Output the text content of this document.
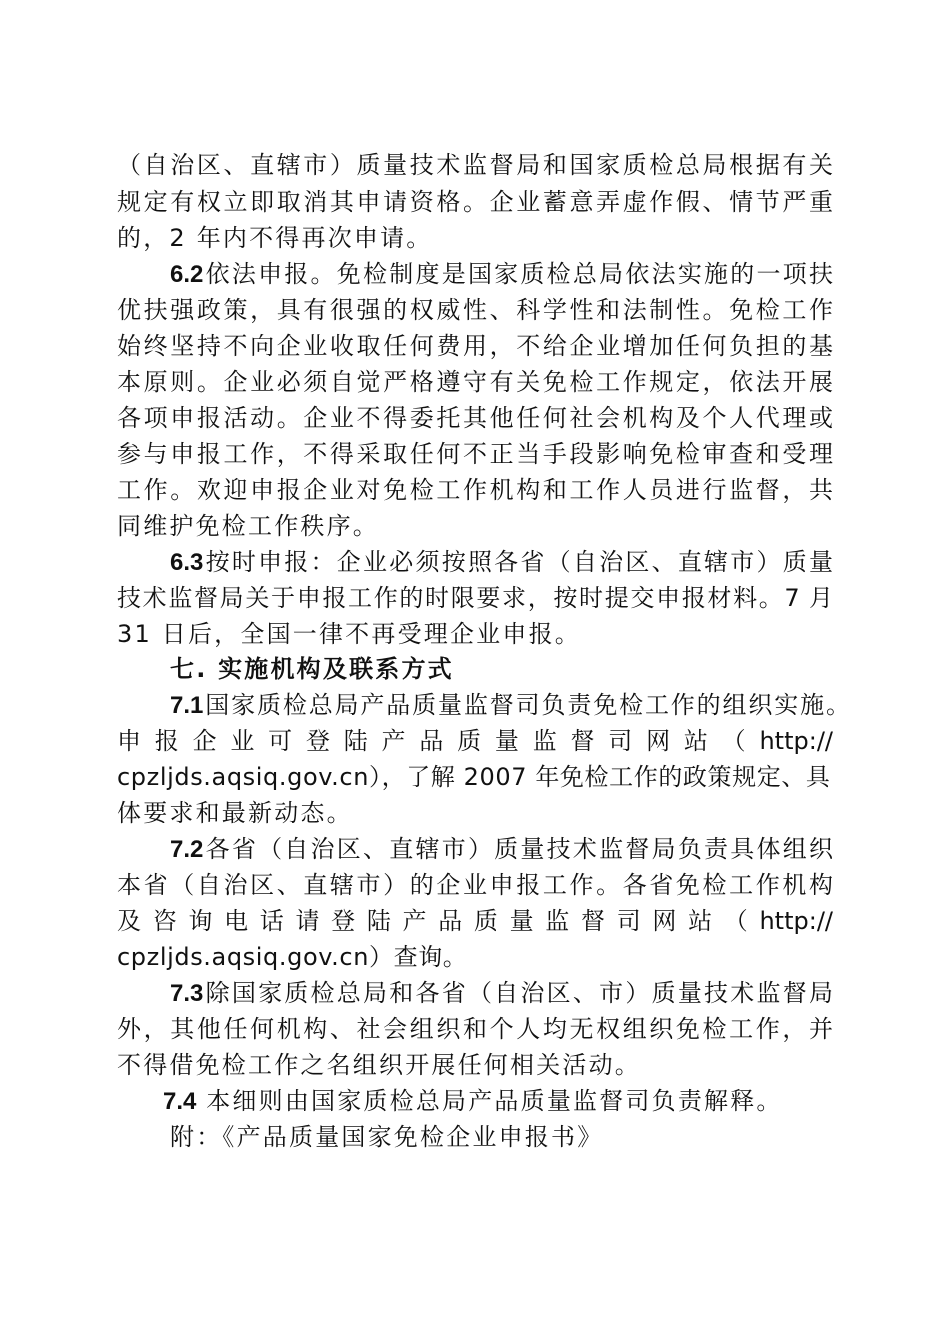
（自治区、直辖市）质量技术监督局和国家质检总局根据有关
规定有权立即取消其申请资格。企业蓄意弄虚作假、情节严重
的，2 年内不得再次申请。
6.2依法申报。免检制度是国家质检总局依法实施的一项扶
优扶强政策，具有很强的权威性、科学性和法制性。免检工作
始终坚持不向企业收取任何费用，不给企业增加任何负担的基
本原则。企业必须自觉严格遵守有关免检工作规定，依法开展
各项申报活动。企业不得委托其他任何社会机构及个人代理或
参与申报工作，不得采取任何不正当手段影响免检审查和受理
工作。欢迎申报企业对免检工作机构和工作人员进行监督，共
同维护免检工作秩序。
6.3按时申报：企业必须按照各省（自治区、直辖市）质量
技术监督局关于申报工作的时限要求，按时提交申报材料。7 月
31 日后，全国一律不再受理企业申报。
七. 实施机构及联系方式
7.1国家质检总局产品质量监督司负责免检工作的组织实施。
申报企业可登陆产品质量监督司网站（http://
cpzljds.aqsiq.gov.cn），了解 2007 年免检工作的政策规定、具
体要求和最新动态。
7.2各省（自治区、直辖市）质量技术监督局负责具体组织
本省（自治区、直辖市）的企业申报工作。各省免检工作机构
及咨询电话请登陆产品质量监督司网站（http://
cpzljds.aqsiq.gov.cn）查询。
7.3除国家质检总局和各省（自治区、市）质量技术监督局
外，其他任何机构、社会组织和个人均无权组织免检工作，并
不得借免检工作之名组织开展任何相关活动。
7.4 本细则由国家质检总局产品质量监督司负责解释。
附：《产品质量国家免检企业申报书》
